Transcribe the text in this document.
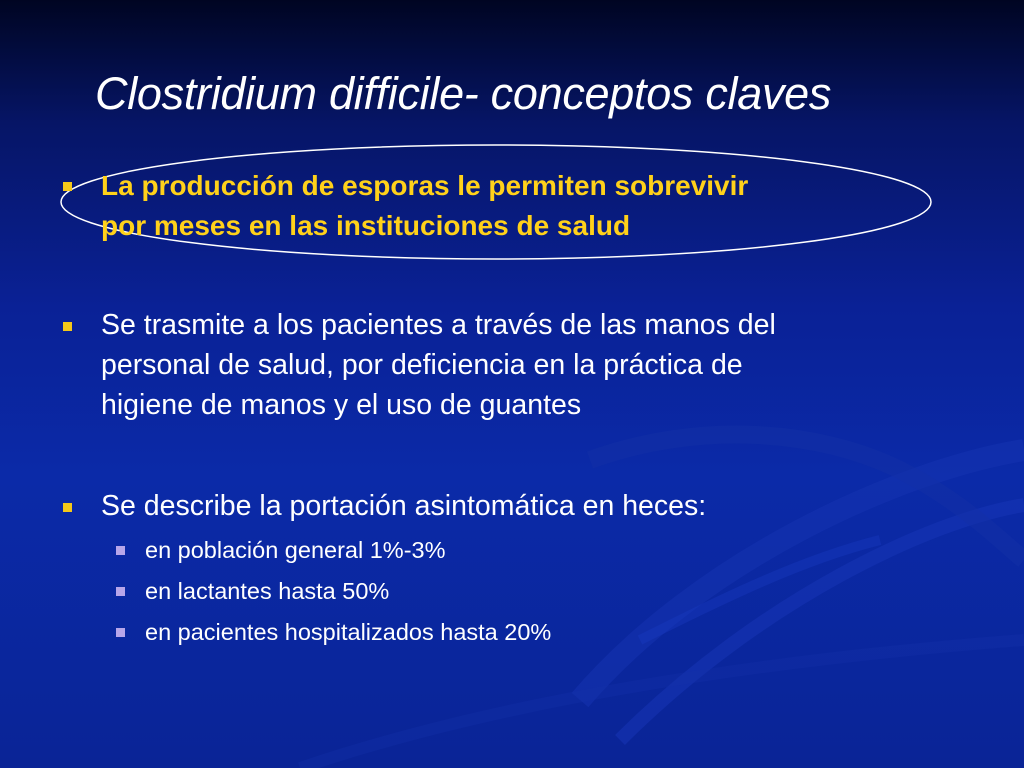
Clostridium difficile- conceptos claves

La producción de esporas le permiten sobrevivir
por meses en las instituciones de salud

Se trasmite a los pacientes a través de las manos del
personal de salud, por deficiencia en la práctica de
higiene de manos y el uso de guantes

Se describe la portación asintomática en heces:

en población general 1%-3%

en lactantes hasta 50%

en pacientes hospitalizados hasta 20%
